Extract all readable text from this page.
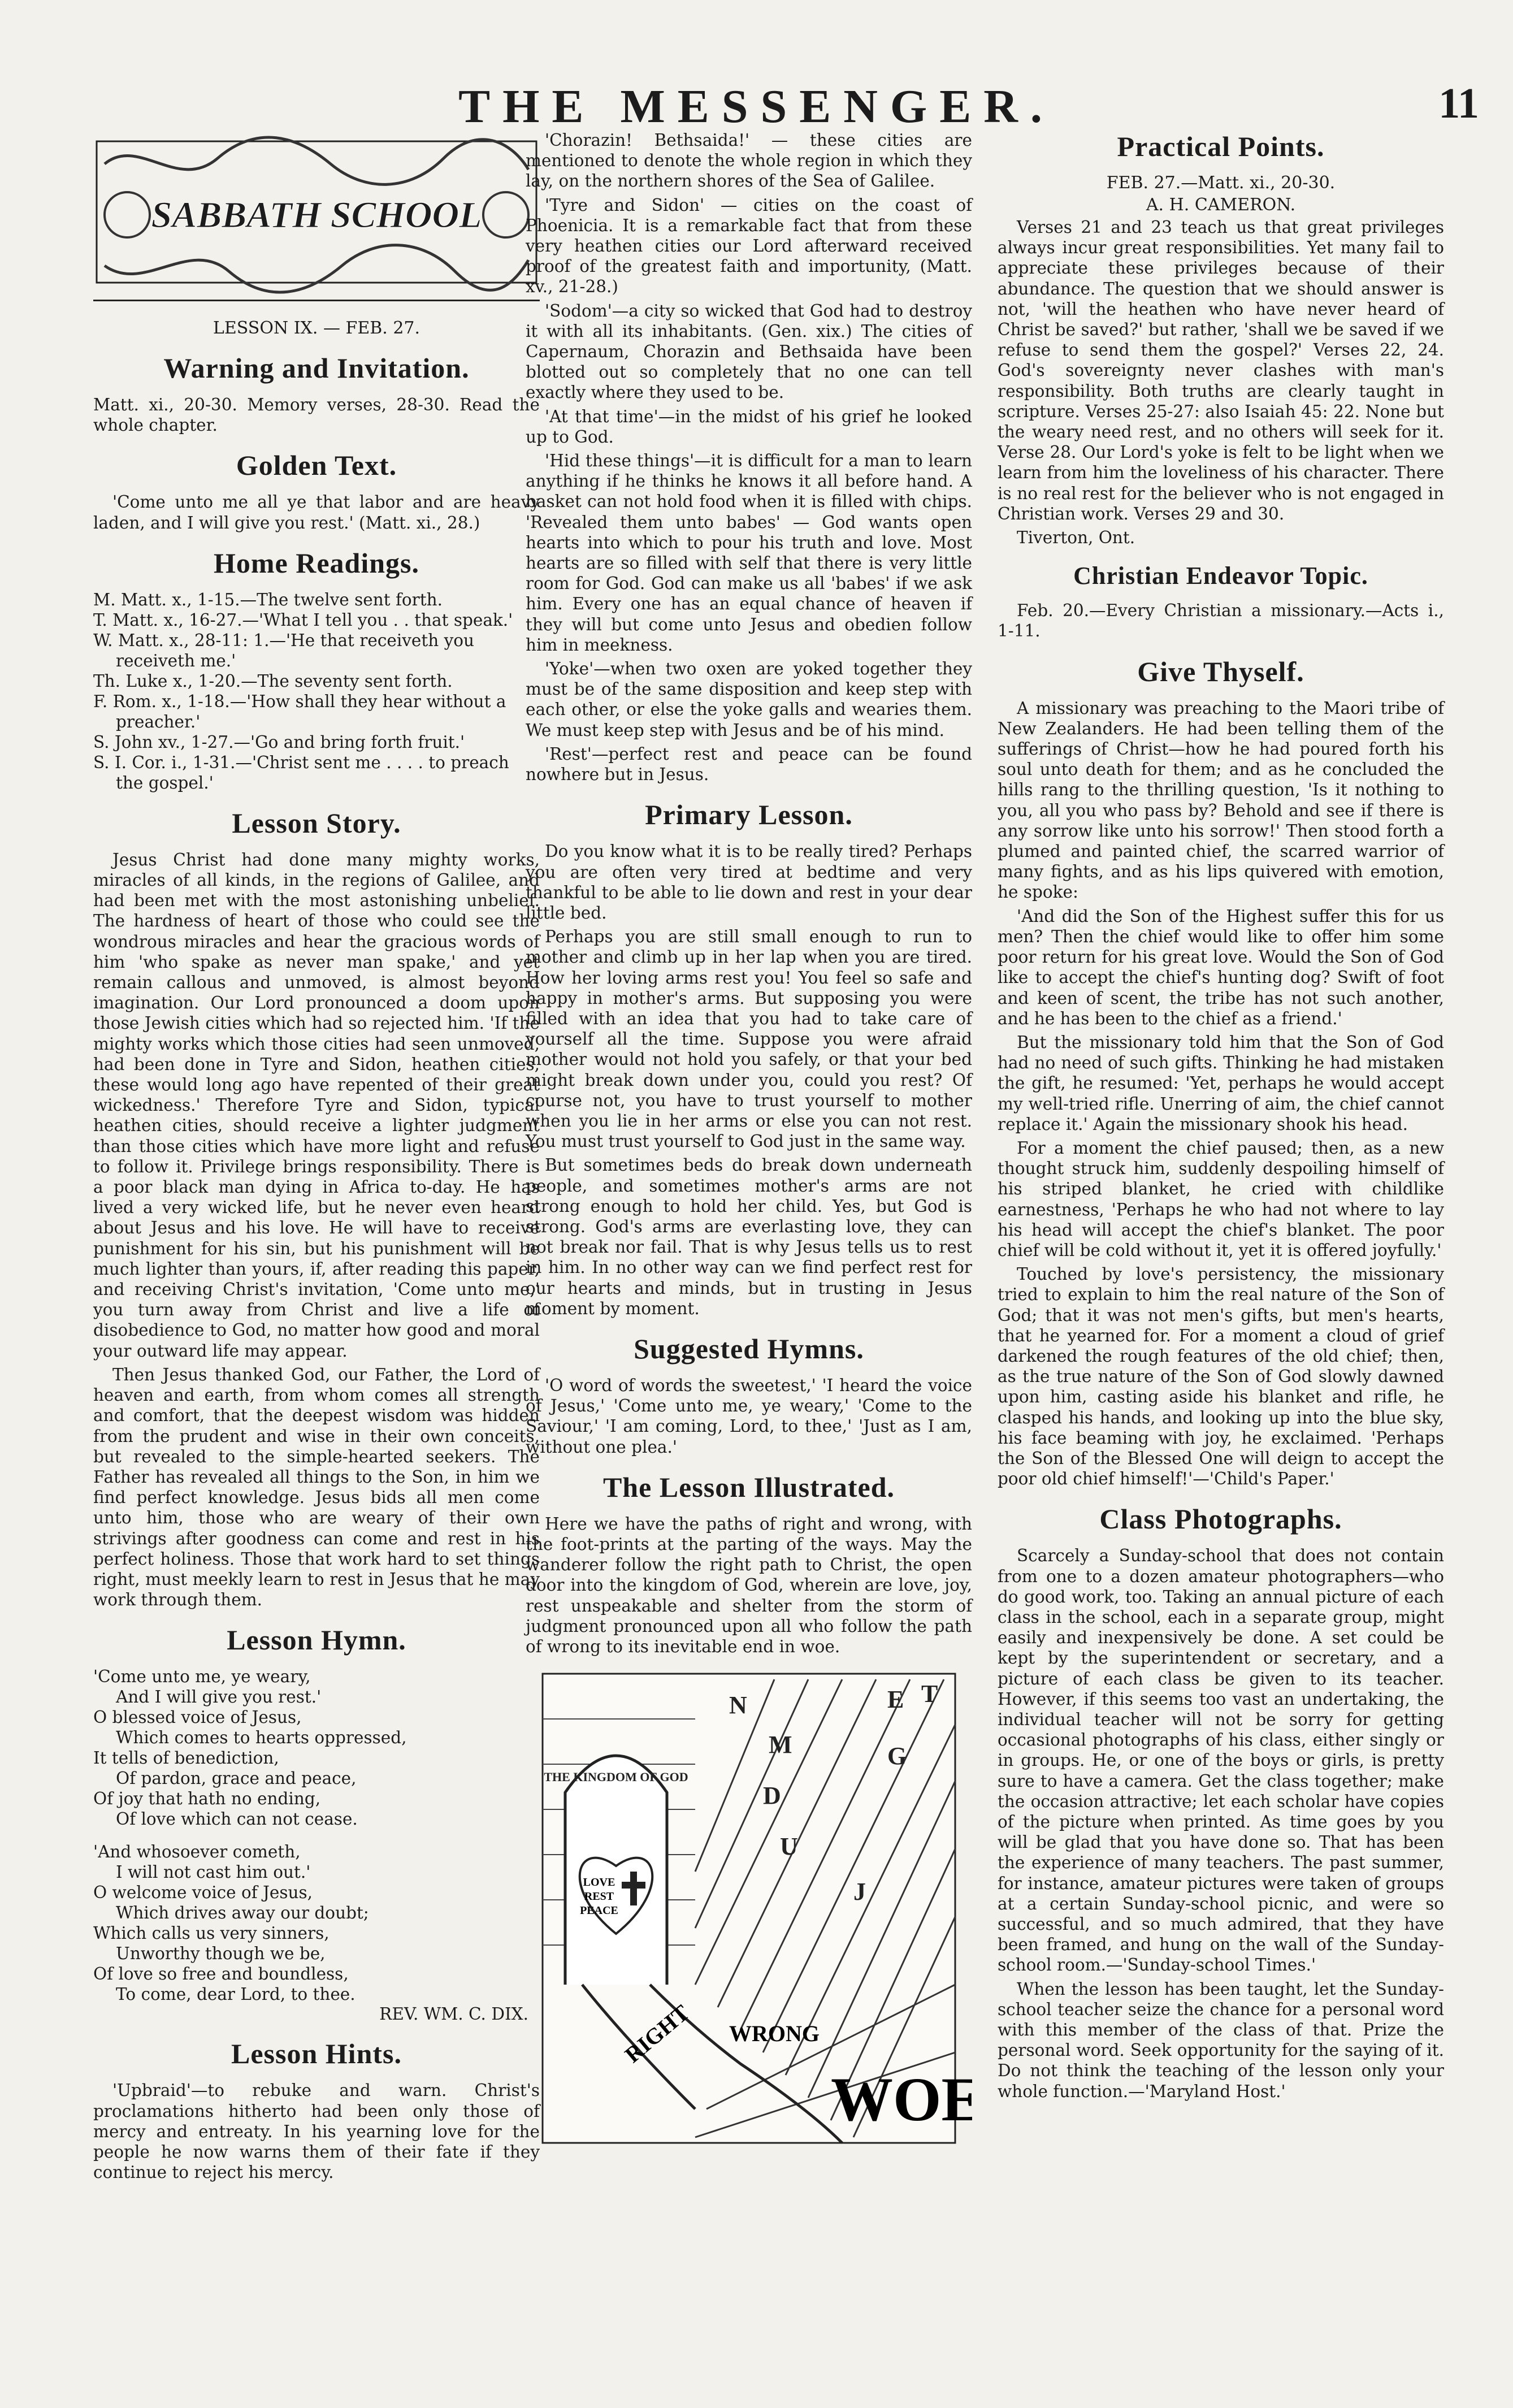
THE MESSENGER.	11
SABBATH SCHOOL
LESSON IX. — FEB. 27.
Warning and Invitation.

Matt. xi., 20-30. Memory verses, 28-30. Read the whole chapter.

Golden Text.

'Come unto me all ye that labor and are heavy laden, and I will give you rest.' (Matt. xi., 28.)

Home Readings.
M. Matt. x., 1-15.—The twelve sent forth.
T. Matt. x., 16-27.—'What I tell you . . that speak.'
W. Matt. x., 28-11: 1.—'He that receiveth you receiveth me.'
Th. Luke x., 1-20.—The seventy sent forth.
F. Rom. x., 1-18.—'How shall they hear without a preacher.'
S. John xv., 1-27.—'Go and bring forth fruit.'
S. I. Cor. i., 1-31.—'Christ sent me . . . . to preach the gospel.'
Lesson Story.

Jesus Christ had done many mighty works, miracles of all kinds, in the regions of Galilee, and had been met with the most astonishing unbelief. The hardness of heart of those who could see the wondrous miracles and hear the gracious words of him 'who spake as never man spake,' and yet remain callous and unmoved, is almost beyond imagination. Our Lord pronounced a doom upon those Jewish cities which had so rejected him. 'If the mighty works which those cities had seen unmoved, had been done in Tyre and Sidon, heathen cities, these would long ago have repented of their great wickedness.' Therefore Tyre and Sidon, typical heathen cities, should receive a lighter judgment than those cities which have more light and refuse to follow it. Privilege brings responsibility. There is a poor black man dying in Africa to-day. He has lived a very wicked life, but he never even heard about Jesus and his love. He will have to receive punishment for his sin, but his punishment will be much lighter than yours, if, after reading this paper, and receiving Christ's invitation, 'Come unto me,' you turn away from Christ and live a life of disobedience to God, no matter how good and moral your outward life may appear.

Then Jesus thanked God, our Father, the Lord of heaven and earth, from whom comes all strength and comfort, that the deepest wisdom was hidden from the prudent and wise in their own conceits, but revealed to the simple-hearted seekers. The Father has revealed all things to the Son, in him we find perfect knowledge. Jesus bids all men come unto him, those who are weary of their own strivings after goodness can come and rest in his perfect holiness. Those that work hard to set things right, must meekly learn to rest in Jesus that he may work through them.

Lesson Hymn.
'Come unto me, ye weary,
And I will give you rest.'
O blessed voice of Jesus,
Which comes to hearts oppressed,
It tells of benediction,
Of pardon, grace and peace,
Of joy that hath no ending,
Of love which can not cease.
'And whosoever cometh,
I will not cast him out.'
O welcome voice of Jesus,
Which drives away our doubt;
Which calls us very sinners,
Unworthy though we be,
Of love so free and boundless,
To come, dear Lord, to thee.
REV. WM. C. DIX.
Lesson Hints.

'Upbraid'—to rebuke and warn. Christ's proclamations hitherto had been only those of mercy and entreaty. In his yearning love for the people he now warns them of their fate if they continue to reject his mercy.

'Chorazin! Bethsaida!' — these cities are mentioned to denote the whole region in which they lay, on the northern shores of the Sea of Galilee.

'Tyre and Sidon' — cities on the coast of Phoenicia. It is a remarkable fact that from these very heathen cities our Lord afterward received proof of the greatest faith and importunity, (Matt. xv., 21-28.)

'Sodom'—a city so wicked that God had to destroy it with all its inhabitants. (Gen. xix.) The cities of Capernaum, Chorazin and Bethsaida have been blotted out so completely that no one can tell exactly where they used to be.

'At that time'—in the midst of his grief he looked up to God.

'Hid these things'—it is difficult for a man to learn anything if he thinks he knows it all before hand. A basket can not hold food when it is filled with chips. 'Revealed them unto babes' — God wants open hearts into which to pour his truth and love. Most hearts are so filled with self that there is very little room for God. God can make us all 'babes' if we ask him. Every one has an equal chance of heaven if they will but come unto Jesus and obedien follow him in meekness.

'Yoke'—when two oxen are yoked together they must be of the same disposition and keep step with each other, or else the yoke galls and wearies them. We must keep step with Jesus and be of his mind.

'Rest'—perfect rest and peace can be found nowhere but in Jesus.

Primary Lesson.

Do you know what it is to be really tired? Perhaps you are often very tired at bedtime and very thankful to be able to lie down and rest in your dear little bed.

Perhaps you are still small enough to run to mother and climb up in her lap when you are tired. How her loving arms rest you! You feel so safe and happy in mother's arms. But supposing you were filled with an idea that you had to take care of yourself all the time. Suppose you were afraid mother would not hold you safely, or that your bed might break down under you, could you rest? Of course not, you have to trust yourself to mother when you lie in her arms or else you can not rest. You must trust yourself to God just in the same way.

But sometimes beds do break down underneath people, and sometimes mother's arms are not strong enough to hold her child. Yes, but God is strong. God's arms are everlasting love, they can not break nor fail. That is why Jesus tells us to rest in him. In no other way can we find perfect rest for our hearts and minds, but in trusting in Jesus moment by moment.

Suggested Hymns.

'O word of words the sweetest,' 'I heard the voice of Jesus,' 'Come unto me, ye weary,' 'Come to the Saviour,' 'I am coming, Lord, to thee,' 'Just as I am, without one plea.'

The Lesson Illustrated.

Here we have the paths of right and wrong, with the foot-prints at the parting of the ways. May the wanderer follow the right path to Christ, the open door into the kingdom of God, wherein are love, joy, rest unspeakable and shelter from the storm of judgment pronounced upon all who follow the path of wrong to its inevitable end in woe.

THE KINGDOM OF GOD
LOVE
REST
PEACE
RIGHT WRONG
WOE
J
U
D
G
M
E
N	T
Practical Points.
FEB. 27.—Matt. xi., 20-30.
A. H. CAMERON.

Verses 21 and 23 teach us that great privileges always incur great responsibilities. Yet many fail to appreciate these privileges because of their abundance. The question that we should answer is not, 'will the heathen who have never heard of Christ be saved?' but rather, 'shall we be saved if we refuse to send them the gospel?' Verses 22, 24. God's sovereignty never clashes with man's responsibility. Both truths are clearly taught in scripture. Verses 25-27: also Isaiah 45: 22. None but the weary need rest, and no others will seek for it. Verse 28. Our Lord's yoke is felt to be light when we learn from him the loveliness of his character. There is no real rest for the believer who is not engaged in Christian work. Verses 29 and 30.

Tiverton, Ont.

Christian Endeavor Topic.

Feb. 20.—Every Christian a missionary.—Acts i., 1-11.

Give Thyself.

A missionary was preaching to the Maori tribe of New Zealanders. He had been telling them of the sufferings of Christ—how he had poured forth his soul unto death for them; and as he concluded the hills rang to the thrilling question, 'Is it nothing to you, all you who pass by? Behold and see if there is any sorrow like unto his sorrow!' Then stood forth a plumed and painted chief, the scarred warrior of many fights, and as his lips quivered with emotion, he spoke:

'And did the Son of the Highest suffer this for us men? Then the chief would like to offer him some poor return for his great love. Would the Son of God like to accept the chief's hunting dog? Swift of foot and keen of scent, the tribe has not such another, and he has been to the chief as a friend.'

But the missionary told him that the Son of God had no need of such gifts. Thinking he had mistaken the gift, he resumed: 'Yet, perhaps he would accept my well-tried rifle. Unerring of aim, the chief cannot replace it.' Again the missionary shook his head.

For a moment the chief paused; then, as a new thought struck him, suddenly despoiling himself of his striped blanket, he cried with childlike earnestness, 'Perhaps he who had not where to lay his head will accept the chief's blanket. The poor chief will be cold without it, yet it is offered joyfully.'

Touched by love's persistency, the missionary tried to explain to him the real nature of the Son of God; that it was not men's gifts, but men's hearts, that he yearned for. For a moment a cloud of grief darkened the rough features of the old chief; then, as the true nature of the Son of God slowly dawned upon him, casting aside his blanket and rifle, he clasped his hands, and looking up into the blue sky, his face beaming with joy, he exclaimed. 'Perhaps the Son of the Blessed One will deign to accept the poor old chief himself!'—'Child's Paper.'

Class Photographs.

Scarcely a Sunday-school that does not contain from one to a dozen amateur photographers—who do good work, too. Taking an annual picture of each class in the school, each in a separate group, might easily and inexpensively be done. A set could be kept by the superintendent or secretary, and a picture of each class be given to its teacher. However, if this seems too vast an undertaking, the individual teacher will not be sorry for getting occasional photographs of his class, either singly or in groups. He, or one of the boys or girls, is pretty sure to have a camera. Get the class together; make the occasion attractive; let each scholar have copies of the picture when printed. As time goes by you will be glad that you have done so. That has been the experience of many teachers. The past summer, for instance, amateur pictures were taken of groups at a certain Sunday-school picnic, and were so successful, and so much admired, that they have been framed, and hung on the wall of the Sunday-school room.—'Sunday-school Times.'

When the lesson has been taught, let the Sunday-school teacher seize the chance for a personal word with this member of the class of that. Prize the personal word. Seek opportunity for the saying of it. Do not think the teaching of the lesson only your whole function.—'Maryland Host.'
